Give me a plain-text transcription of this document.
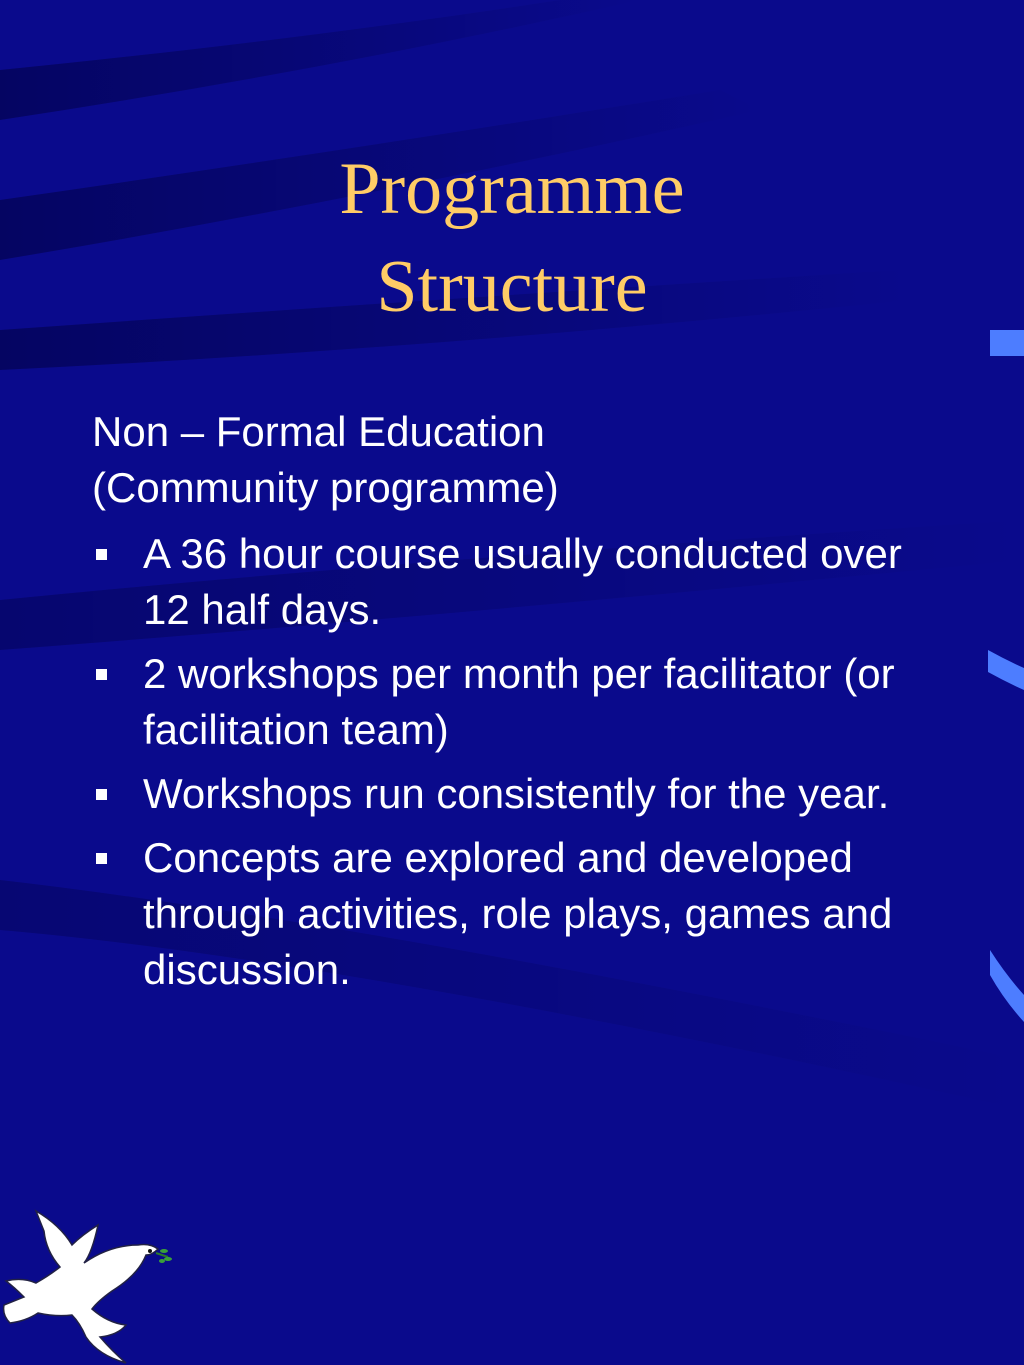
Programme
Structure
Non – Formal Education
(Community programme)
A 36 hour course usually conducted over 12 half days.
2 workshops per month per facilitator (or facilitation team)
Workshops run consistently for the year.
Concepts are explored and developed through activities, role plays, games and discussion.
